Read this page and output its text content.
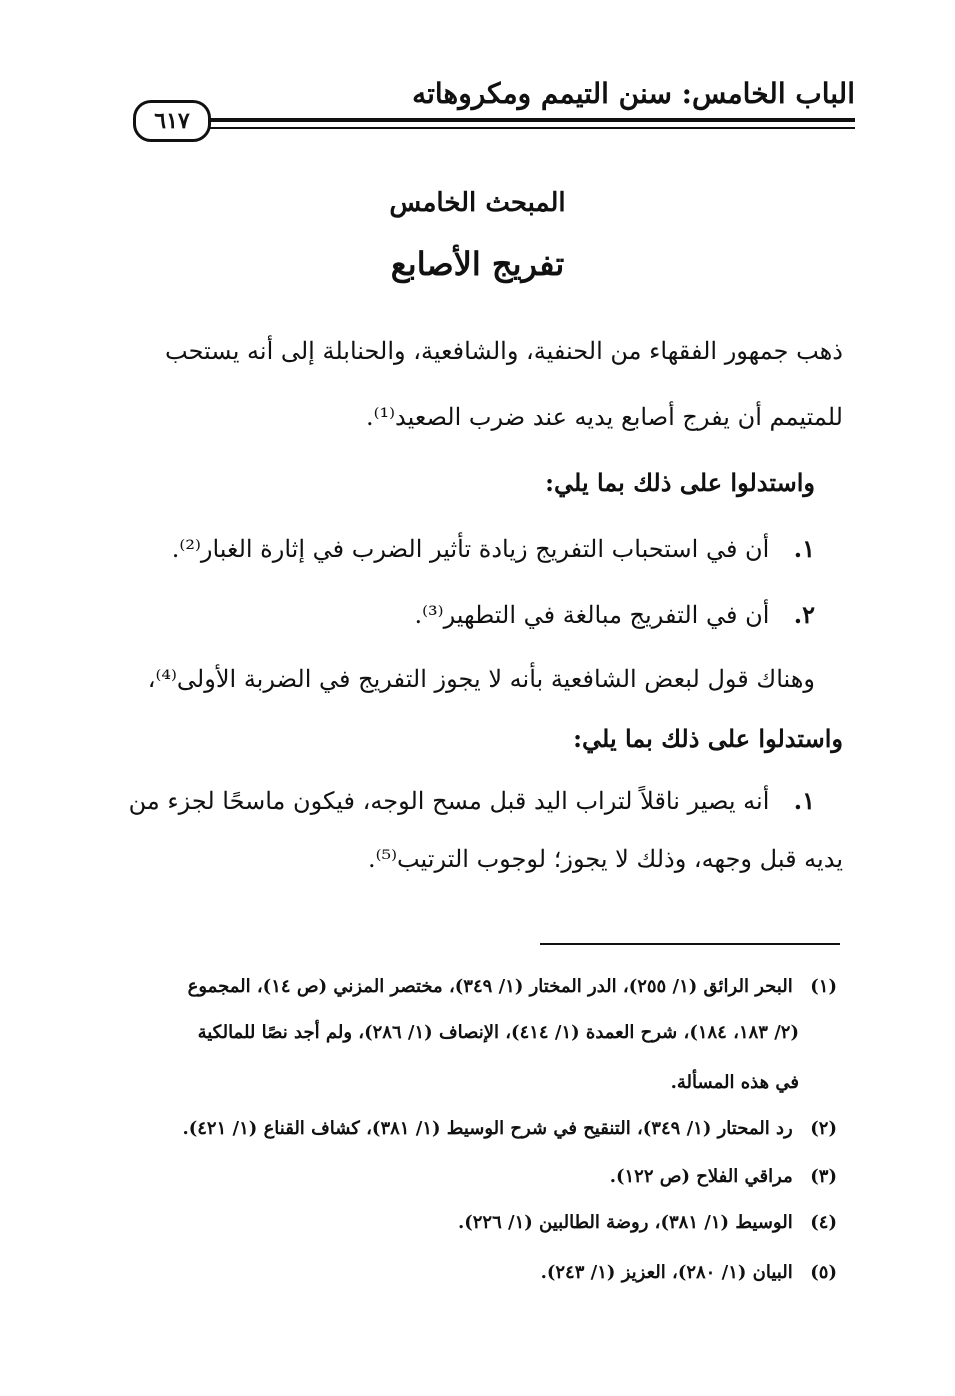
الباب الخامس: سنن التيمم ومكروهاته
٦١٧
المبحث الخامس
تفريج الأصابع
ذهب جمهور الفقهاء من الحنفية، والشافعية، والحنابلة إلى أنه يستحب
للمتيمم أن يفرج أصابع يديه عند ضرب الصعيد⁽¹⁾.
واستدلوا على ذلك بما يلي:
١. أن في استحباب التفريج زيادة تأثير الضرب في إثارة الغبار⁽²⁾.
٢. أن في التفريج مبالغة في التطهير⁽³⁾.
وهناك قول لبعض الشافعية بأنه لا يجوز التفريج في الضربة الأولى⁽⁴⁾،
واستدلوا على ذلك بما يلي:
١. أنه يصير ناقلاً لتراب اليد قبل مسح الوجه، فيكون ماسحًا لجزء من
يديه قبل وجهه، وذلك لا يجوز؛ لوجوب الترتيب⁽⁵⁾.
(١) البحر الرائق (١/ ٢٥٥)، الدر المختار (١/ ٣٤٩)، مختصر المزني (ص ١٤)، المجموع
(٢/ ١٨٣، ١٨٤)، شرح العمدة (١/ ٤١٤)، الإنصاف (١/ ٢٨٦)، ولم أجد نصًا للمالكية
في هذه المسألة.
(٢) رد المحتار (١/ ٣٤٩)، التنقيح في شرح الوسيط (١/ ٣٨١)، كشاف القناع (١/ ٤٢١).
(٣) مراقي الفلاح (ص ١٢٢).
(٤) الوسيط (١/ ٣٨١)، روضة الطالبين (١/ ٢٢٦).
(٥) البيان (١/ ٢٨٠)، العزيز (١/ ٢٤٣).
